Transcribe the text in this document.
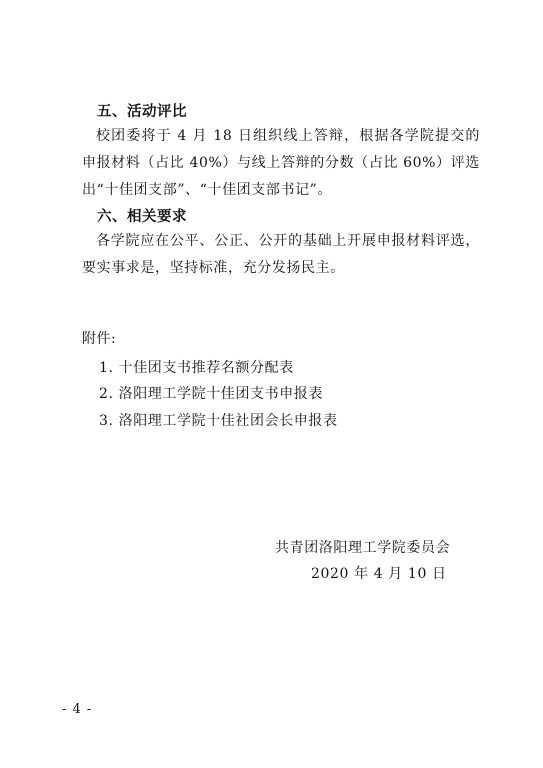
五、活动评比
校团委将于 4 月 18 日组织线上答辩，根据各学院提交的申报材料（占比 40%）与线上答辩的分数（占比 60%）评选出“十佳团支部”、“十佳团支部书记”。
六、相关要求
各学院应在公平、公正、公开的基础上开展申报材料评选，要实事求是，坚持标准，充分发扬民主。
附件:
1. 十佳团支书推荐名额分配表
2. 洛阳理工学院十佳团支书申报表
3. 洛阳理工学院十佳社团会长申报表
共青团洛阳理工学院委员会
2020 年 4 月 10 日
- 4 -
